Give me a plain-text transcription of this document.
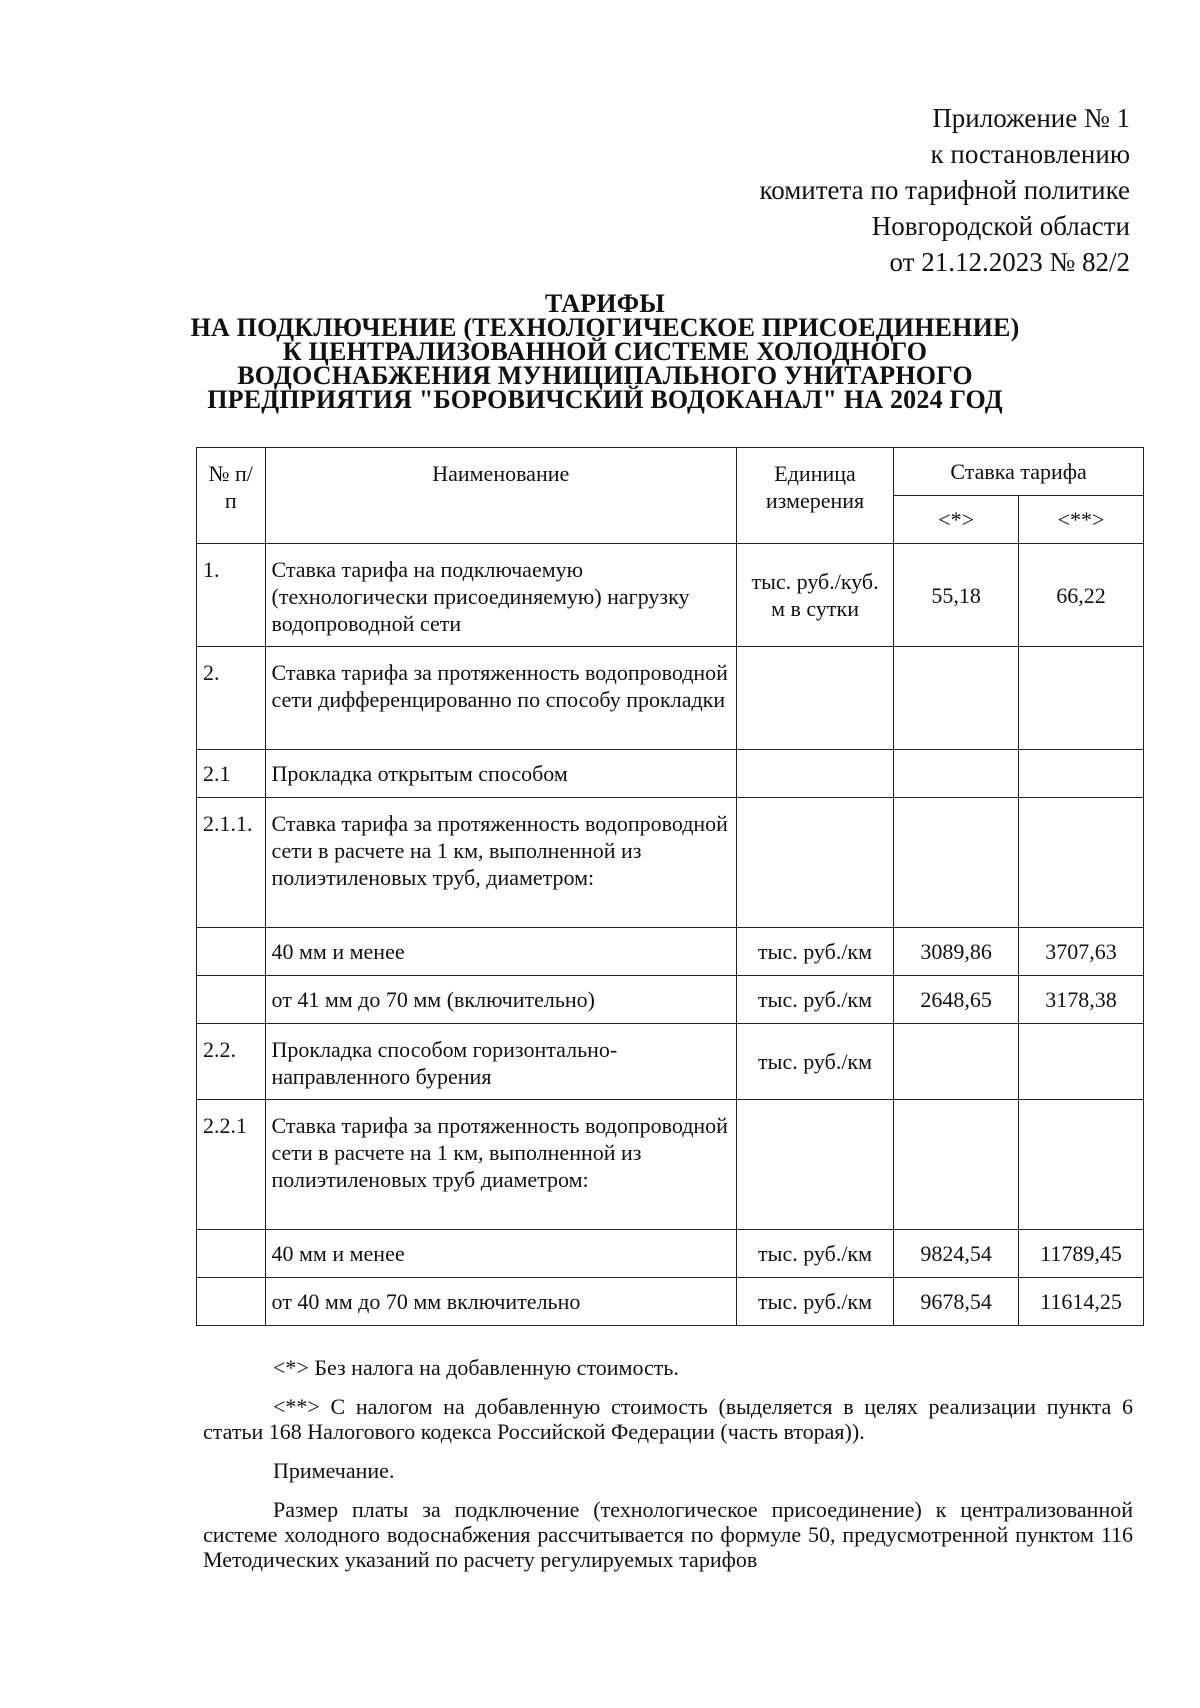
Приложение № 1
к постановлению
комитета по тарифной политике
Новгородской области
от 21.12.2023 № 82/2
ТАРИФЫ
НА ПОДКЛЮЧЕНИЕ (ТЕХНОЛОГИЧЕСКОЕ ПРИСОЕДИНЕНИЕ)
К ЦЕНТРАЛИЗОВАННОЙ СИСТЕМЕ ХОЛОДНОГО
ВОДОСНАБЖЕНИЯ МУНИЦИПАЛЬНОГО УНИТАРНОГО
ПРЕДПРИЯТИЯ "БОРОВИЧСКИЙ ВОДОКАНАЛ" НА 2024 ГОД
№ п/п	Наименование	Единица измерения	Ставка тарифа	
			<*>	<**>
1.	Ставка тарифа на подключаемую (технологически присоединяемую) нагрузку водопроводной сети	тыс. руб./куб. м в сутки	55,18	66,22
2.	Ставка тарифа за протяженность водопроводной сети дифференцированно по способу прокладки			
2.1	Прокладка открытым способом			
2.1.1.	Ставка тарифа за протяженность водопроводной сети в расчете на 1 км, выполненной из полиэтиленовых труб, диаметром:			
	40 мм и менее	тыс. руб./км	3089,86	3707,63
	от 41 мм до 70 мм (включительно)	тыс. руб./км	2648,65	3178,38
2.2.	Прокладка способом горизонтально-направленного бурения	тыс. руб./км		
2.2.1	Ставка тарифа за протяженность водопроводной сети в расчете на 1 км, выполненной из полиэтиленовых труб диаметром:			
	40 мм и менее	тыс. руб./км	9824,54	11789,45
	от 40 мм до 70 мм включительно	тыс. руб./км	9678,54	11614,25

<*> Без налога на добавленную стоимость.

<**> С налогом на добавленную стоимость (выделяется в целях реализации пункта 6 статьи 168 Налогового кодекса Российской Федерации (часть вторая)).

Примечание.

Размер платы за подключение (технологическое присоединение) к централизованной системе холодного водоснабжения рассчитывается по формуле 50, предусмотренной пунктом 116 Методических указаний по расчету регулируемых тарифов
